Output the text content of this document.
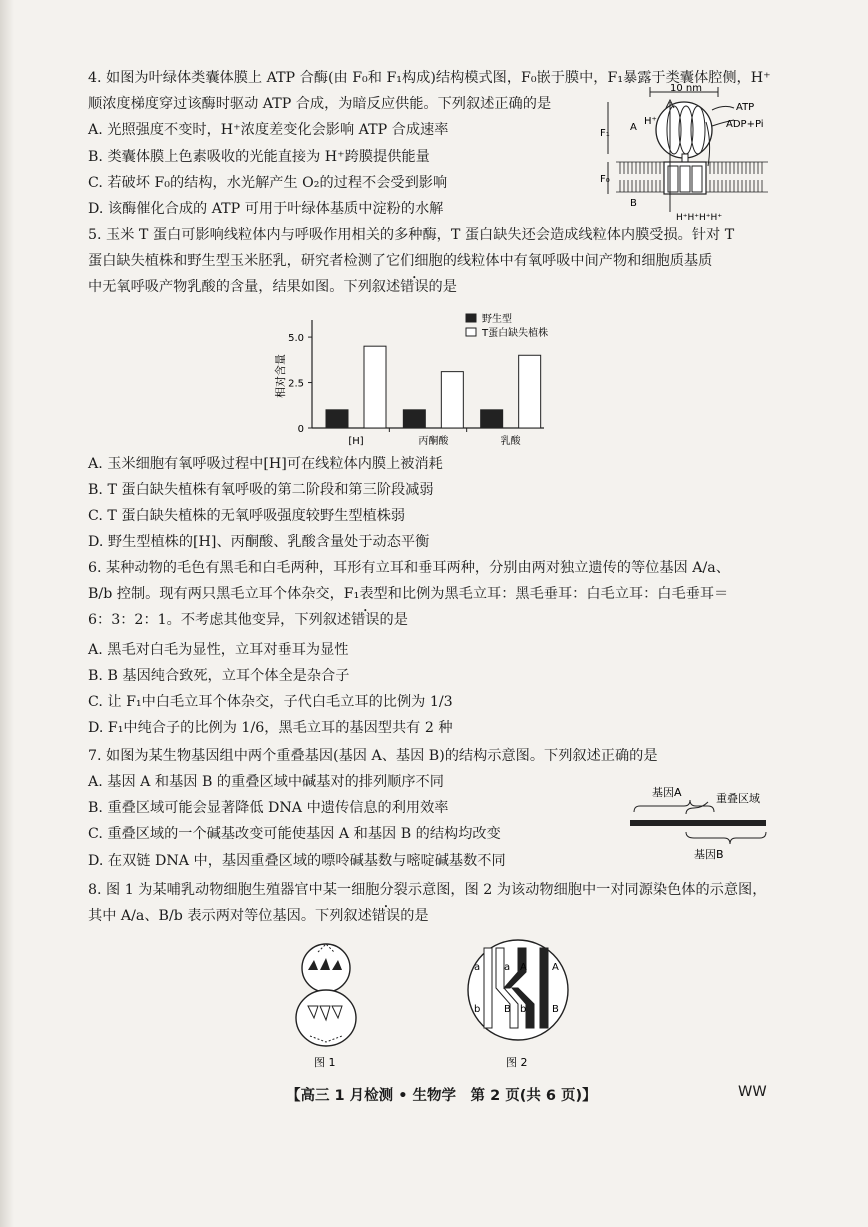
4. 如图为叶绿体类囊体膜上 ATP 合酶(由 F₀和 F₁构成)结构模式图，F₀嵌于膜中，F₁暴露于类囊体腔侧，H⁺
顺浓度梯度穿过该酶时驱动 ATP 合成，为暗反应供能。下列叙述正确的是
A. 光照强度不变时，H⁺浓度差变化会影响 ATP 合成速率
B. 类囊体膜上色素吸收的光能直接为 H⁺跨膜提供能量
C. 若破坏 F₀的结构，水光解产生 O₂的过程不会受到影响
D. 该酶催化合成的 ATP 可用于叶绿体基质中淀粉的水解
10 nm
ATP
ADP+Pi
F₁
F₀
A
H⁺
B
H⁺H⁺H⁺H⁺
5. 玉米 T 蛋白可影响线粒体内与呼吸作用相关的多种酶，T 蛋白缺失还会造成线粒体内膜受损。针对 T
蛋白缺失植株和野生型玉米胚乳，研究者检测了它们细胞的线粒体中有氧呼吸中间产物和细胞质基质
中无氧呼吸产物乳酸的含量，结果如图。下列叙述错误的是
相对含量
0
2.5
5.0
[H]	丙酮酸	乳酸
野生型
T蛋白缺失植株
A. 玉米细胞有氧呼吸过程中[H]可在线粒体内膜上被消耗
B. T 蛋白缺失植株有氧呼吸的第二阶段和第三阶段减弱
C. T 蛋白缺失植株的无氧呼吸强度较野生型植株弱
D. 野生型植株的[H]、丙酮酸、乳酸含量处于动态平衡
6. 某种动物的毛色有黑毛和白毛两种，耳形有立耳和垂耳两种，分别由两对独立遗传的等位基因 A/a、
B/b 控制。现有两只黑毛立耳个体杂交，F₁表型和比例为黑毛立耳：黑毛垂耳：白毛立耳：白毛垂耳＝
6：3：2：1。不考虑其他变异，下列叙述错误的是
A. 黑毛对白毛为显性，立耳对垂耳为显性
B. B 基因纯合致死，立耳个体全是杂合子
C. 让 F₁中白毛立耳个体杂交，子代白毛立耳的比例为 1/3
D. F₁中纯合子的比例为 1/6，黑毛立耳的基因型共有 2 种
7. 如图为某生物基因组中两个重叠基因(基因 A、基因 B)的结构示意图。下列叙述正确的是
A. 基因 A 和基因 B 的重叠区域中碱基对的排列顺序不同
B. 重叠区域可能会显著降低 DNA 中遗传信息的利用效率
C. 重叠区域的一个碱基改变可能使基因 A 和基因 B 的结构均改变
D. 在双链 DNA 中，基因重叠区域的嘌呤碱基数与嘧啶碱基数不同
基因A	重叠区域
基因B
8. 图 1 为某哺乳动物细胞生殖器官中某一细胞分裂示意图，图 2 为该动物细胞中一对同源染色体的示意图，
其中 A/a、B/b 表示两对等位基因。下列叙述错误的是
图 1
a a A	A
b B b	B
图 2
【高三 1 月检测 • 生物学　第 2 页(共 6 页)】	WW
